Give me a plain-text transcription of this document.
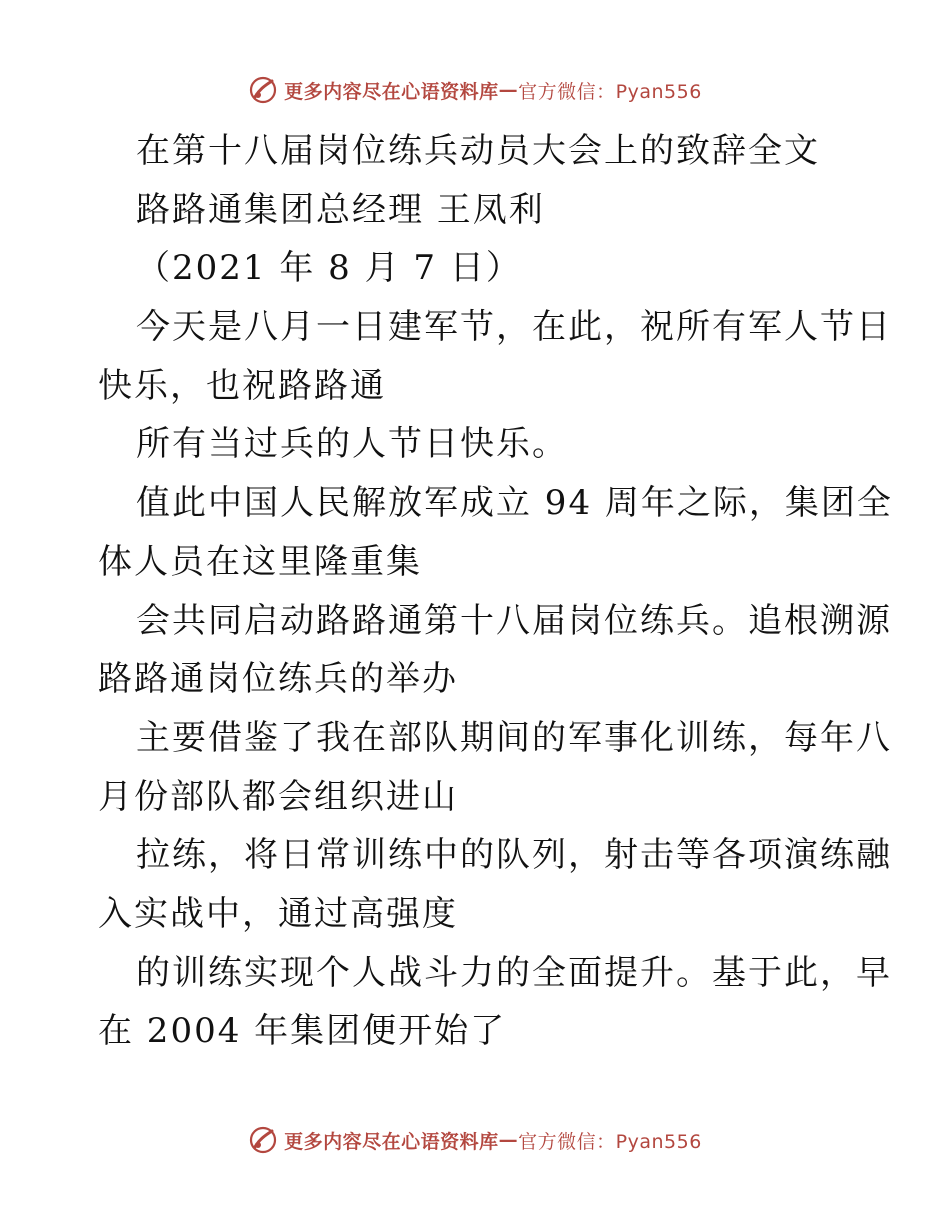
更多内容尽在心语资料库 — 官方微信：Pyan556
在第十八届岗位练兵动员大会上的致辞全文
路路通集团总经理 王凤利
（2021 年 8 月 7 日）
今天是八月一日建军节，在此，祝所有军人节日
快乐，也祝路路通
所有当过兵的人节日快乐。
值此中国人民解放军成立 94 周年之际，集团全
体人员在这里隆重集
会共同启动路路通第十八届岗位练兵。追根溯源
路路通岗位练兵的举办
主要借鉴了我在部队期间的军事化训练，每年八
月份部队都会组织进山
拉练，将日常训练中的队列，射击等各项演练融
入实战中，通过高强度
的训练实现个人战斗力的全面提升。基于此，早
在 2004 年集团便开始了
更多内容尽在心语资料库 — 官方微信：Pyan556
